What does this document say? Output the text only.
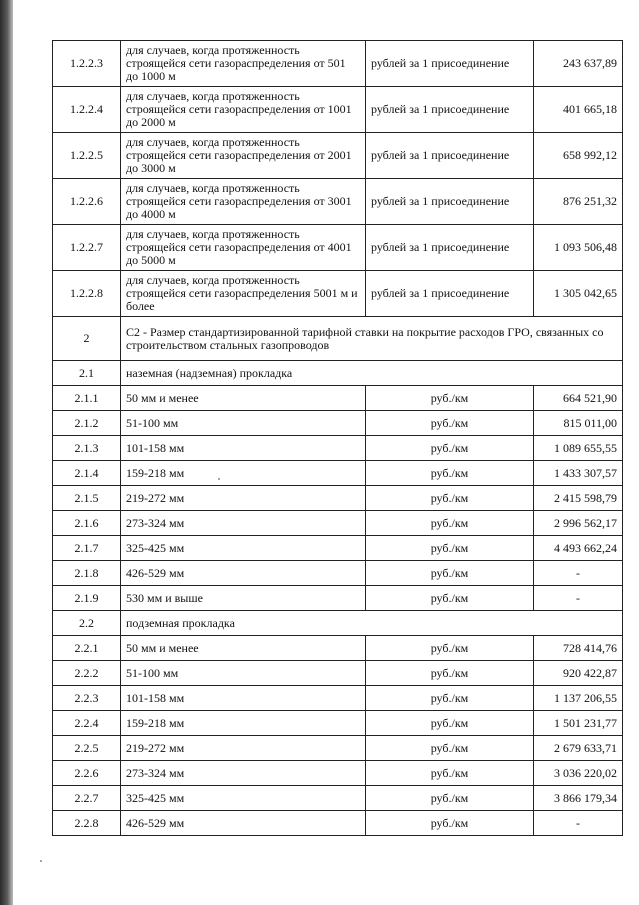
1.2.2.3	для случаев, когда протяженность строящейся сети газораспределения от 501 до 1000 м	рублей за 1 присоединение	243 637,89
1.2.2.4	для случаев, когда протяженность строящейся сети газораспределения от 1001 до 2000 м	рублей за 1 присоединение	401 665,18
1.2.2.5	для случаев, когда протяженность строящейся сети газораспределения от 2001 до 3000 м	рублей за 1 присоединение	658 992,12
1.2.2.6	для случаев, когда протяженность строящейся сети газораспределения от 3001 до 4000 м	рублей за 1 присоединение	876 251,32
1.2.2.7	для случаев, когда протяженность строящейся сети газораспределения от 4001 до 5000 м	рублей за 1 присоединение	1 093 506,48
1.2.2.8	для случаев, когда протяженность строящейся сети газораспределения 5001 м и более	рублей за 1 присоединение	1 305 042,65
2	С2 - Размер стандартизированной тарифной ставки на покрытие расходов ГРО, связанных со строительством стальных газопроводов		
2.1	наземная (надземная) прокладка		
2.1.1	50 мм и менее	руб./км	664 521,90
2.1.2	51-100 мм	руб./км	815 011,00
2.1.3	101-158 мм	руб./км	1 089 655,55
2.1.4	159-218 мм	руб./км	1 433 307,57
2.1.5	219-272 мм	руб./км	2 415 598,79
2.1.6	273-324 мм	руб./км	2 996 562,17
2.1.7	325-425 мм	руб./км	4 493 662,24
2.1.8	426-529 мм	руб./км	-
2.1.9	530 мм и выше	руб./км	-
2.2	подземная прокладка		
2.2.1	50 мм и менее	руб./км	728 414,76
2.2.2	51-100 мм	руб./км	920 422,87
2.2.3	101-158 мм	руб./км	1 137 206,55
2.2.4	159-218 мм	руб./км	1 501 231,77
2.2.5	219-272 мм	руб./км	2 679 633,71
2.2.6	273-324 мм	руб./км	3 036 220,02
2.2.7	325-425 мм	руб./км	3 866 179,34
2.2.8	426-529 мм	руб./км	-
